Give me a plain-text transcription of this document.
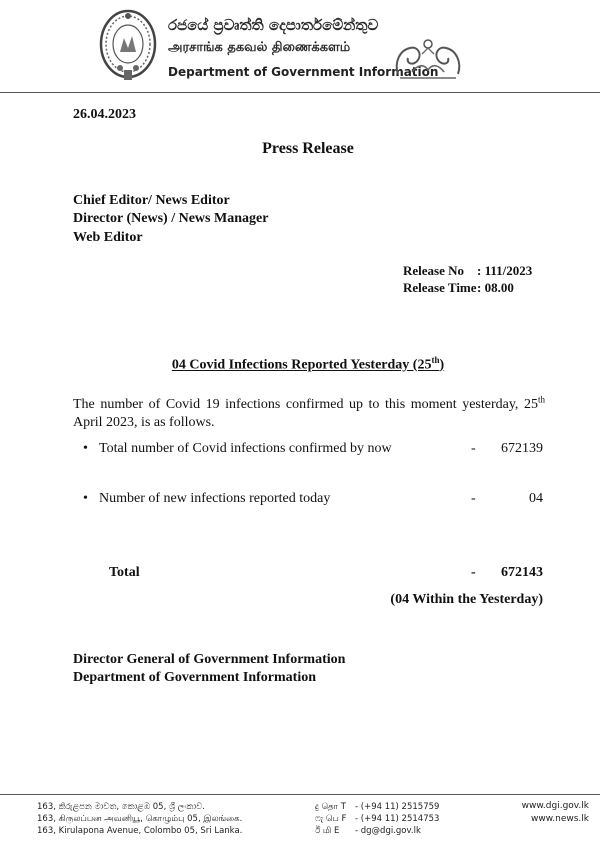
රජයේ ප්‍රවෘත්ති දෙපාර්තමේන්තුව
அரசாங்க தகவல் திணைக்களம்
Department of Government Information
26.04.2023
Press Release
Chief Editor/ News Editor
Director (News) / News Manager
Web Editor
Release No : 111/2023
Release Time: 08.00
04 Covid Infections Reported Yesterday (25th)
The number of Covid 19 infections confirmed up to this moment yesterday, 25th April 2023, is as follows.
• Total number of Covid infections confirmed by now	- 672139
• Number of new infections reported today	-	04
Total	- 672143
(04 Within the Yesterday)
Director General of Government Information
Department of Government Information
163, කිරුළපන මාවත, කොළඹ 05, ශ්‍රී ලංකාව.
163, கிருலப்பன அவனியூ, கொழும்பு 05, இலங்கை.
163, Kirulapona Avenue, Colombo 05, Sri Lanka.
දු தொ T - (+94 11) 2515759
ෆැ பெ F - (+94 11) 2514753
ඊ மி E - dg@dgi.gov.lk
www.dgi.gov.lk
www.news.lk
